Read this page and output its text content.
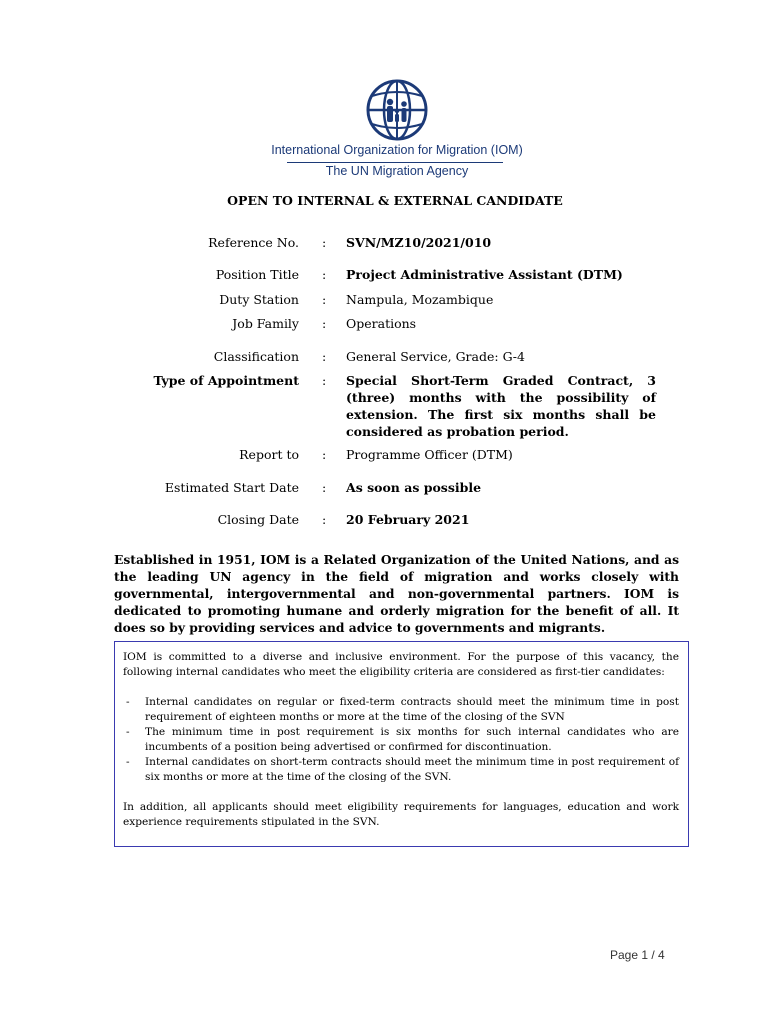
International Organization for Migration (IOM)
The UN Migration Agency
OPEN TO INTERNAL & EXTERNAL CANDIDATE
Reference No. : SVN/MZ10/2021/010
Position Title : Project Administrative Assistant (DTM)
Duty Station : Nampula, Mozambique
Job Family : Operations
Classification : General Service, Grade: G-4
Type of Appointment : Special Short-Term Graded Contract, 3 (three) months with the possibility of extension. The first six months shall be considered as probation period.
Report to : Programme Officer (DTM)
Estimated Start Date : As soon as possible
Closing Date : 20 February 2021
Established in 1951, IOM is a Related Organization of the United Nations, and as the leading UN agency in the field of migration and works closely with governmental, intergovernmental and non-governmental partners. IOM is dedicated to promoting humane and orderly migration for the benefit of all. It does so by providing services and advice to governments and migrants.

IOM is committed to a diverse and inclusive environment. For the purpose of this vacancy, the following internal candidates who meet the eligibility criteria are considered as first-tier candidates:

- Internal candidates on regular or fixed-term contracts should meet the minimum time in post requirement of eighteen months or more at the time of the closing of the SVN
- The minimum time in post requirement is six months for such internal candidates who are incumbents of a position being advertised or confirmed for discontinuation.
- Internal candidates on short-term contracts should meet the minimum time in post requirement of six months or more at the time of the closing of the SVN.

In addition, all applicants should meet eligibility requirements for languages, education and work experience requirements stipulated in the SVN.

Page 1 / 4
